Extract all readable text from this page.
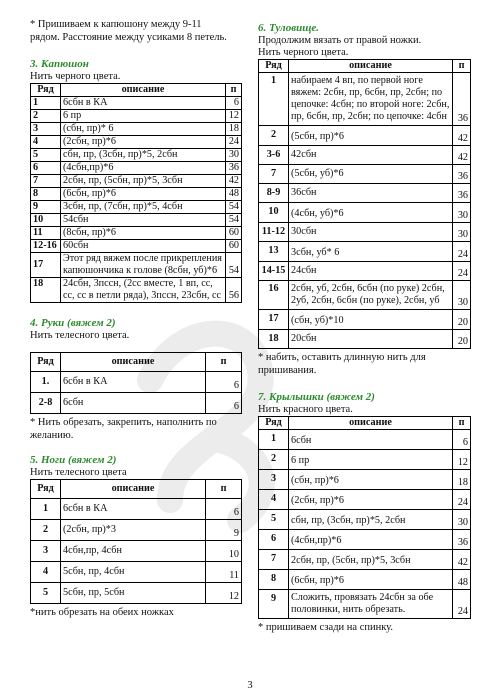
* Пришиваем к капюшону между 9-11 рядом. Расстояние между усиками 8 петель.

3. Капюшон

Нить черного цвета.

Ряд	описание	п
1	6сбн в КА	6
2	6 пр	12
3	(сбн, пр)* 6	18
4	(2сбн, пр)*6	24
5	сбн, пр, (3сбн, пр)*5, 2сбн	30
6	(4сбн,пр)*6	36
7	2сбн, пр, (5сбн, пр)*5, 3сбн	42
8	(6сбн, пр)*6	48
9	3сбн, пр, (7сбн, пр)*5, 4сбн	54
10	54сбн	54
11	(8сбн, пр)*6	60
12-16	60сбн	60
17	Этот ряд вяжем после прикрепления капюшончика к голове (8сбн, уб)*6	54
18	24сбн, 3пссн, (2сс вместе, 1 вп, сс, сс, сс в петли ряда), 3пссн, 23сбн, сс	56

4. Руки (вяжем 2)

Нить телесного цвета.

Ряд	описание	п
1.	6сбн в КА	6
2-8	6сбн	6

* Нить обрезать, закрепить, наполнить по желанию.

5. Ноги (вяжем 2)

Нить телесного цвета

Ряд	описание	п
1	6сбн в КА	6
2	(2сбн, пр)*3	9
3	4сбн,пр, 4сбн	10
4	5сбн, пр, 4сбн	11
5	5сбн, пр, 5сбн	12

*нить обрезать на обеих ножках

6. Туловище.

Продолжим вязать от правой ножки.

Нить черного цвета.

Ряд	описание	п
1	набираем 4 вп, по первой ноге вяжем: 2сбн, пр, 6сбн, пр, 2сбн; по цепочке: 4сбн; по второй ноге: 2сбн, пр, 6сбн, пр, 2сбн; по цепочке: 4сбн	36
2	(5сбн, пр)*6	42
3-6	42сбн	42
7	(5сбн, уб)*6	36
8-9	36сбн	36
10	(4сбн, уб)*6	30
11-12	30сбн	30
13	3сбн, уб* 6	24
14-15	24сбн	24
16	2сбн, уб, 2сбн, 6сбн (по руке) 2сбн, 2уб, 2сбн, 6сбн (по руке), 2сбн, уб	30
17	(сбн, уб)*10	20
18	20сбн	20

* набить, оставить длинную нить для пришивания.

7. Крылышки (вяжем 2)

Нить красного цвета.

Ряд	описание	п
1	6сбн	6
2	6 пр	12
3	(сбн, пр)*6	18
4	(2сбн, пр)*6	24
5	сбн, пр, (3сбн, пр)*5, 2сбн	30
6	(4сбн,пр)*6	36
7	2сбн, пр, (5сбн, пр)*5, 3сбн	42
8	(6сбн, пр)*6	48
9	Сложить, провязать 24сбн за обе половинки, нить обрезать.	24

* пришиваем сзади на спинку.

3
